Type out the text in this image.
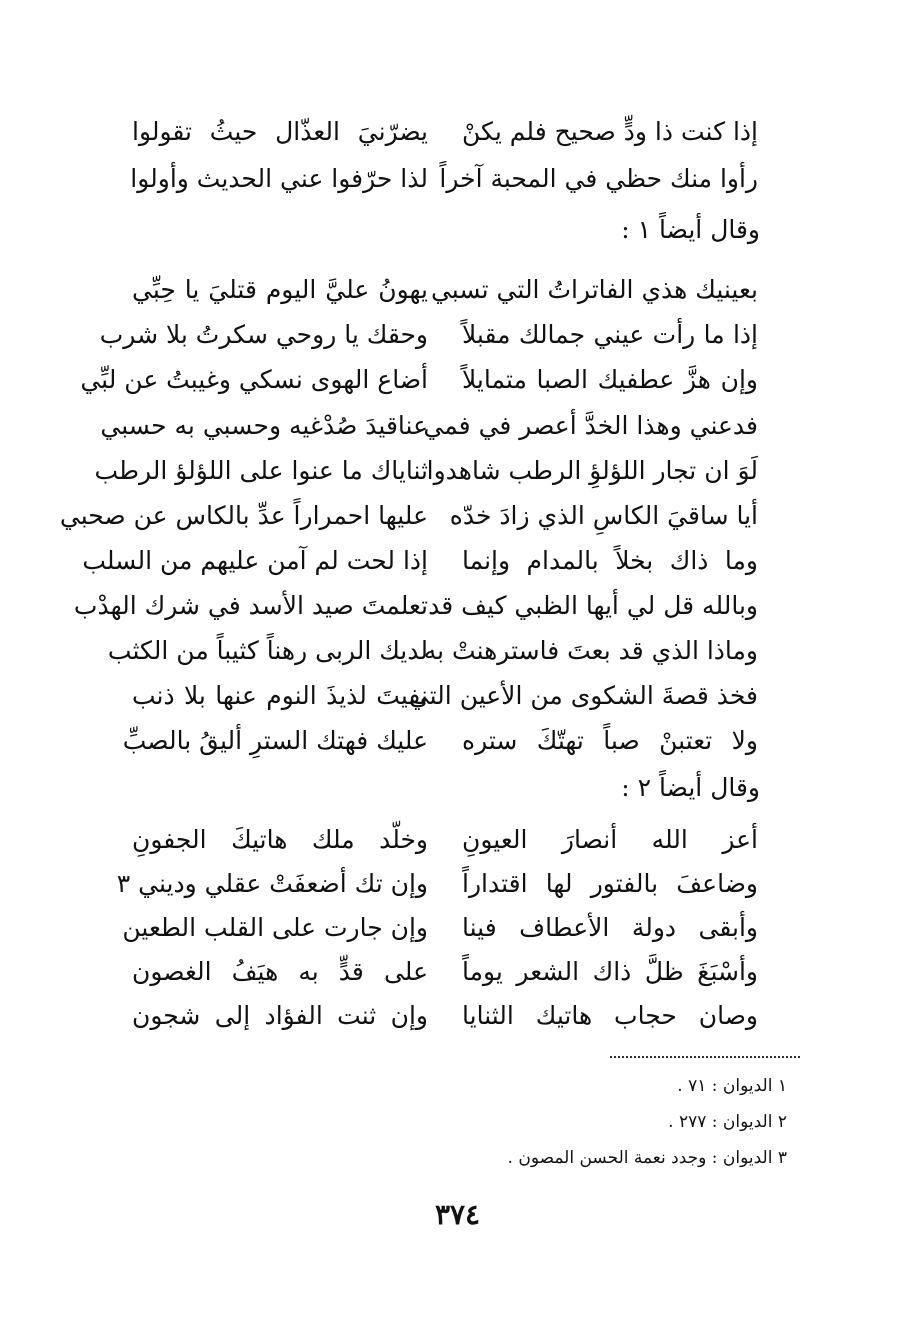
إذا كنت ذا ودٍّ صحيح فلم يكنْ
يضرّنيَ العذّال حيثُ تقولوا
رأوا منك حظي في المحبة آخراً
لذا حرّفوا عني الحديث وأولوا
وقال أيضاً ١ :
بعينيك هذي الفاتراتُ التي تسبي
يهونُ عليَّ اليوم قتليَ يا حِبِّي
إذا ما رأت عيني جمالك مقبلاً
وحقك يا روحي سكرتُ بلا شرب
وإن هزَّ عطفيك الصبا متمايلاً
أضاع الهوى نسكي وغيبتُ عن لبِّي
فدعني وهذا الخدَّ أعصر في فمي
عناقيدَ صُدْغيه وحسبي به حسبي
لَوَ ان تجار اللؤلؤِ الرطب شاهدوا
ثناياك ما عنوا على اللؤلؤ الرطب
أيا ساقيَ الكاسِ الذي زادَ خدّه
عليها احمراراً عدِّ بالكاس عن صحبي
وما ذاك بخلاً بالمدام وإنما
إذا لحت لم آمن عليهم من السلب
وبالله قل لي أيها الظبي كيف قد
تعلمتَ صيد الأسد في شرك الهدْب
وماذا الذي قد بعتَ فاسترهنتْ به
لديك الربى رهناً كثيباً من الكثب
فخذ قصةَ الشكوى من الأعين التي
نفيتَ لذيذَ النوم عنها بلا ذنب
ولا تعتبنْ صباً تهتّكَ ستره
عليك فهتك السترِ أليقُ بالصبِّ
وقال أيضاً ٢ :
أعز الله أنصارَ العيونِ
وخلّد ملك هاتيكَ الجفونِ
وضاعفَ بالفتور لها اقتداراً
وإن تك أضعفَتْ عقلي وديني ٣
وأبقى دولة الأعطاف فينا
وإن جارت على القلب الطعين
وأسْبَغَ ظلَّ ذاك الشعر يوماً
على قدٍّ به هيَفُ الغصون
وصان حجاب هاتيك الثنايا
وإن ثنت الفؤاد إلى شجون
١ الديوان : ٧١ .
٢ الديوان : ٢٧٧ .
٣ الديوان : وجدد نعمة الحسن المصون .
٣٧٤
